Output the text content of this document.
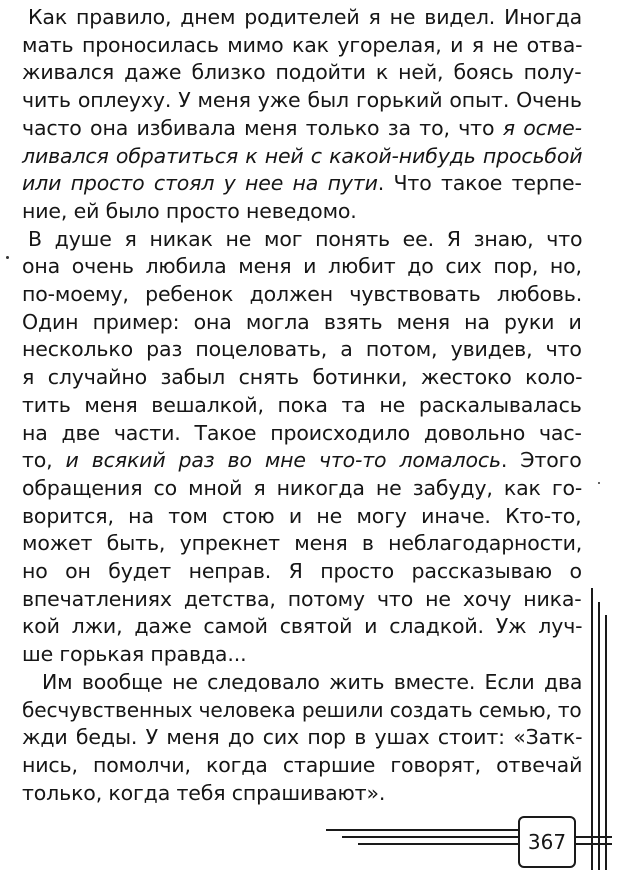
Как правило, днем родителей я не видел. Иногда
мать проносилась мимо как угорелая, и я не отва-
живался даже близко подойти к ней, боясь полу-
чить оплеуху. У меня уже был горький опыт. Очень
часто она избивала меня только за то, что я осме-
ливался обратиться к ней с какой-нибудь просьбой
или просто стоял у нее на пути. Что такое терпе-
ние, ей было просто неведомо.
В душе я никак не мог понять ее. Я знаю, что
она очень любила меня и любит до сих пор, но,
по-моему, ребенок должен чувствовать любовь.
Один пример: она могла взять меня на руки и
несколько раз поцеловать, а потом, увидев, что
я случайно забыл снять ботинки, жестоко коло-
тить меня вешалкой, пока та не раскалывалась
на две части. Такое происходило довольно час-
то, и всякий раз во мне что-то ломалось. Этого
обращения со мной я никогда не забуду, как го-
ворится, на том стою и не могу иначе. Кто-то,
может быть, упрекнет меня в неблагодарности,
но он будет неправ. Я просто рассказываю о
впечатлениях детства, потому что не хочу ника-
кой лжи, даже самой святой и сладкой. Уж луч-
ше горькая правда...
Им вообще не следовало жить вместе. Если два
бесчувственных человека решили создать семью, то
жди беды. У меня до сих пор в ушах стоит: «Затк-
нись, помолчи, когда старшие говорят, отвечай
только, когда тебя спрашивают».
367
